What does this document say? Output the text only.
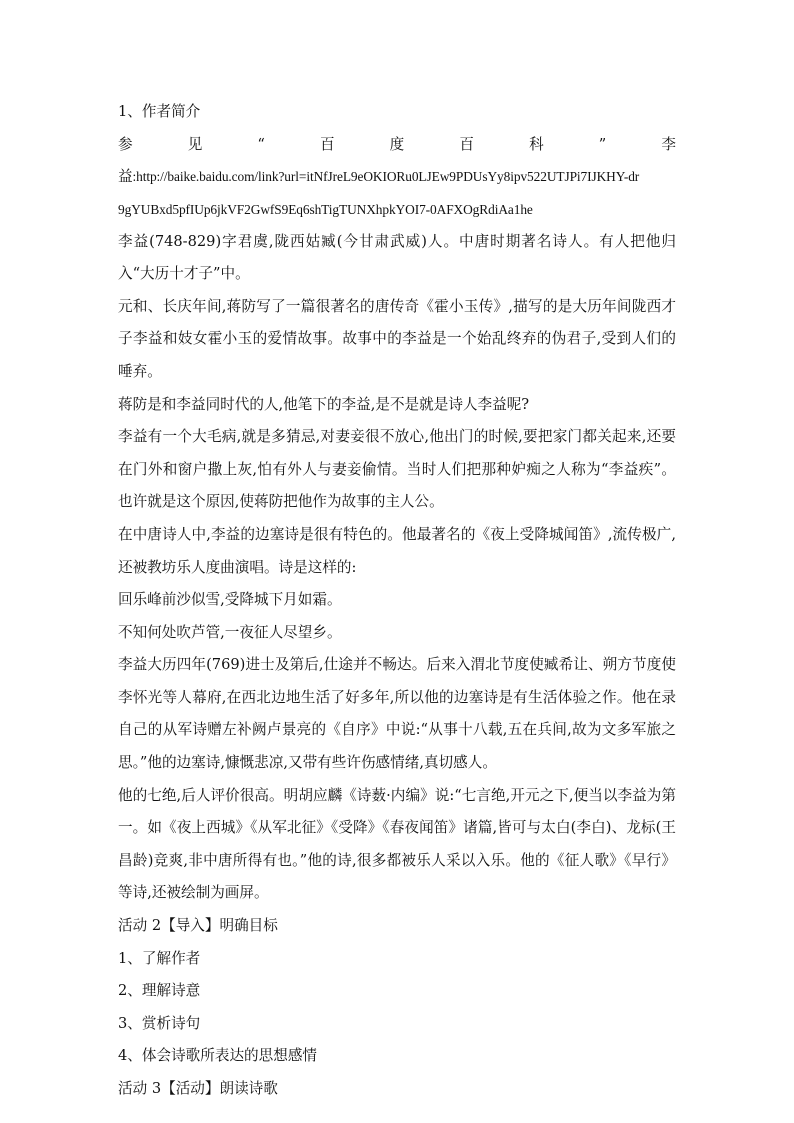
1、作者简介
参	见	“	百	度	百	科	”	李
益:http://baike.baidu.com/link?url=itNfJreL9eOKIORu0LJEw9PDUsYy8ipv522UTJPi7IJKHY-dr
9gYUBxd5pfIUp6jkVF2GwfS9Eq6shTigTUNXhpkYOI7-0AFXOgRdiAa1he
李益(748-829)字君虞,陇西姑臧(今甘肃武威)人。中唐时期著名诗人。有人把他归入“大历十才子”中。
元和、长庆年间,蒋防写了一篇很著名的唐传奇《霍小玉传》,描写的是大历年间陇西才子李益和妓女霍小玉的爱情故事。故事中的李益是一个始乱终弃的伪君子,受到人们的唾弃。
蒋防是和李益同时代的人,他笔下的李益,是不是就是诗人李益呢?
李益有一个大毛病,就是多猜忌,对妻妾很不放心,他出门的时候,要把家门都关起来,还要在门外和窗户撒上灰,怕有外人与妻妾偷情。当时人们把那种妒痴之人称为“李益疾”。也许就是这个原因,使蒋防把他作为故事的主人公。
在中唐诗人中,李益的边塞诗是很有特色的。他最著名的《夜上受降城闻笛》,流传极广,还被教坊乐人度曲演唱。诗是这样的:
回乐峰前沙似雪,受降城下月如霜。
不知何处吹芦管,一夜征人尽望乡。
李益大历四年(769)进士及第后,仕途并不畅达。后来入渭北节度使臧希让、朔方节度使李怀光等人幕府,在西北边地生活了好多年,所以他的边塞诗是有生活体验之作。他在录自己的从军诗赠左补阙卢景亮的《自序》中说:“从事十八载,五在兵间,故为文多军旅之思。”他的边塞诗,慷慨悲凉,又带有些许伤感情绪,真切感人。
他的七绝,后人评价很高。明胡应麟《诗薮·内编》说:“七言绝,开元之下,便当以李益为第一。如《夜上西城》《从军北征》《受降》《春夜闻笛》诸篇,皆可与太白(李白)、龙标(王昌龄)竞爽,非中唐所得有也。”他的诗,很多都被乐人采以入乐。他的《征人歌》《早行》等诗,还被绘制为画屏。
活动 2【导入】明确目标
1、了解作者
2、理解诗意
3、赏析诗句
4、体会诗歌所表达的思想感情
活动 3【活动】朗读诗歌
